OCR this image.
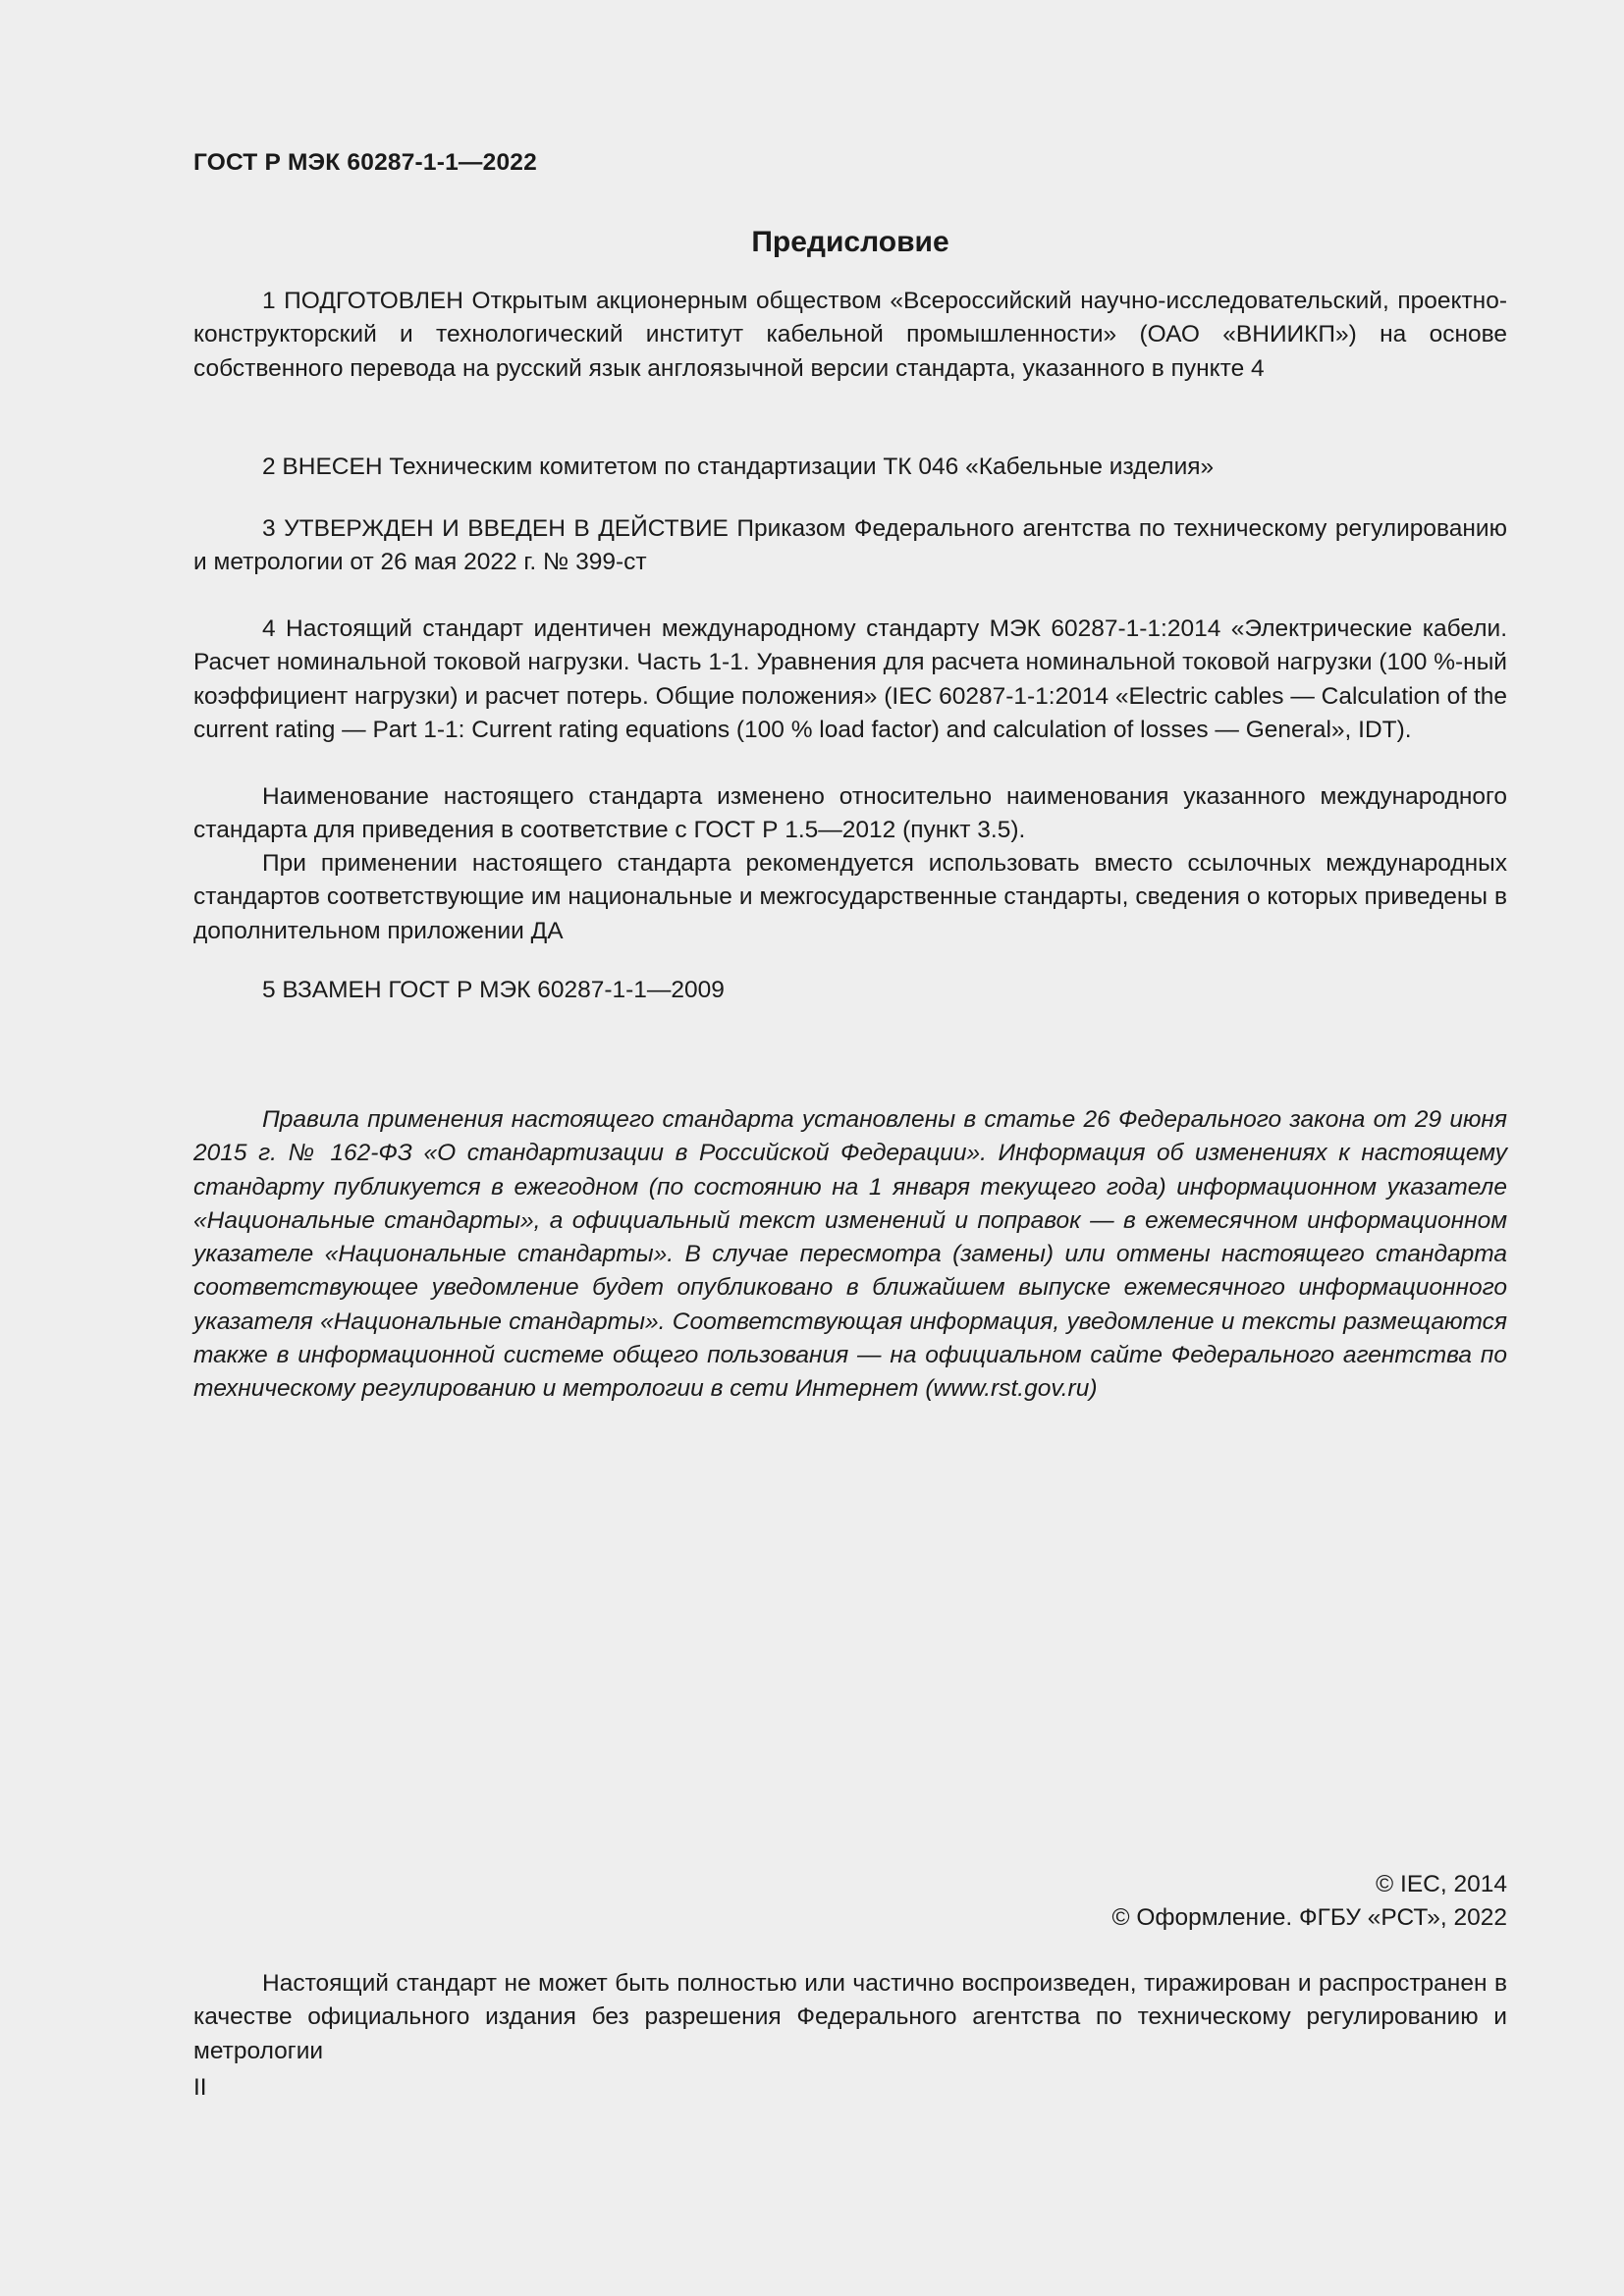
ГОСТ Р МЭК 60287-1-1—2022
Предисловие

1 ПОДГОТОВЛЕН Открытым акционерным обществом «Всероссийский научно-исследовательский, проектно-конструкторский и технологический институт кабельной промышленности» (ОАО «ВНИИКП») на основе собственного перевода на русский язык англоязычной версии стандарта, указанного в пункте 4

2 ВНЕСЕН Техническим комитетом по стандартизации ТК 046 «Кабельные изделия»

3 УТВЕРЖДЕН И ВВЕДЕН В ДЕЙСТВИЕ Приказом Федерального агентства по техническому регулированию и метрологии от 26 мая 2022 г. № 399-ст

4 Настоящий стандарт идентичен международному стандарту МЭК 60287-1-1:2014 «Электрические кабели. Расчет номинальной токовой нагрузки. Часть 1-1. Уравнения для расчета номинальной токовой нагрузки (100 %-ный коэффициент нагрузки) и расчет потерь. Общие положения» (IEC 60287-1-1:2014 «Electric cables — Calculation of the current rating — Part 1-1: Current rating equations (100 % load factor) and calculation of losses — General», IDT).

Наименование настоящего стандарта изменено относительно наименования указанного международного стандарта для приведения в соответствие с ГОСТ Р 1.5—2012 (пункт 3.5).

При применении настоящего стандарта рекомендуется использовать вместо ссылочных международных стандартов соответствующие им национальные и межгосударственные стандарты, сведения о которых приведены в дополнительном приложении ДА

5 ВЗАМЕН ГОСТ Р МЭК 60287-1-1—2009

Правила применения настоящего стандарта установлены в статье 26 Федерального закона от 29 июня 2015 г. № 162-ФЗ «О стандартизации в Российской Федерации». Информация об изменениях к настоящему стандарту публикуется в ежегодном (по состоянию на 1 января текущего года) информационном указателе «Национальные стандарты», а официальный текст изменений и поправок — в ежемесячном информационном указателе «Национальные стандарты». В случае пересмотра (замены) или отмены настоящего стандарта соответствующее уведомление будет опубликовано в ближайшем выпуске ежемесячного информационного указателя «Национальные стандарты». Соответствующая информация, уведомление и тексты размещаются также в информационной системе общего пользования — на официальном сайте Федерального агентства по техническому регулированию и метрологии в сети Интернет (www.rst.gov.ru)

© IEC, 2014

© Оформление. ФГБУ «РСТ», 2022

Настоящий стандарт не может быть полностью или частично воспроизведен, тиражирован и распространен в качестве официального издания без разрешения Федерального агентства по техническому регулированию и метрологии

II
